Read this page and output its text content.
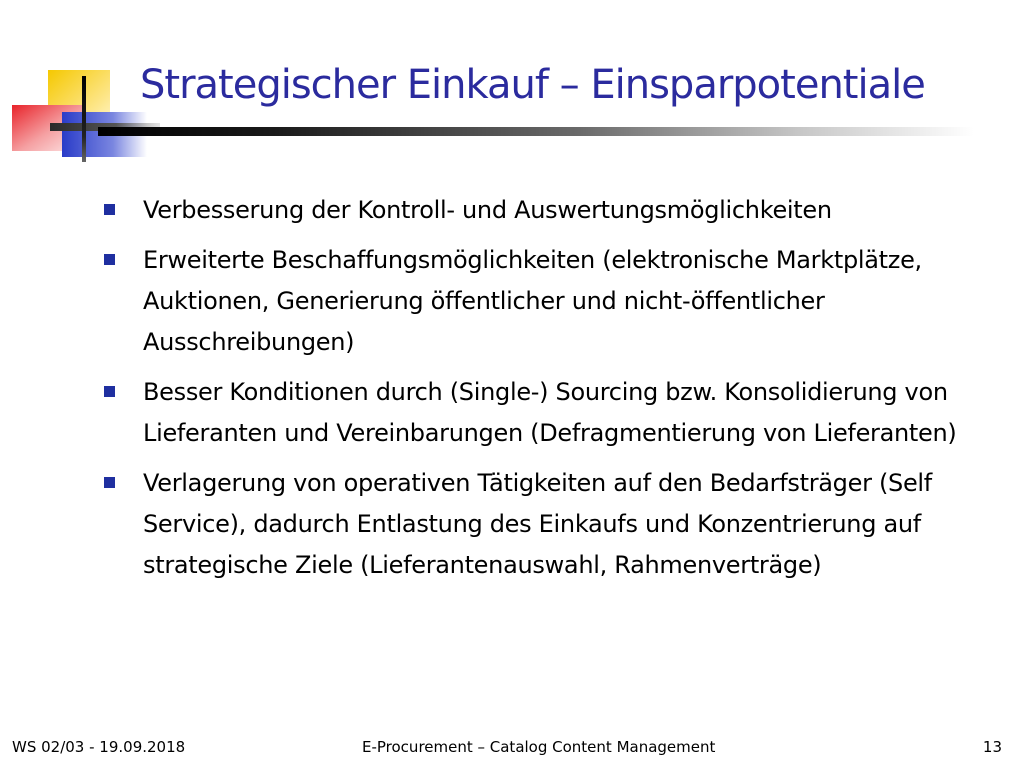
Strategischer Einkauf – Einsparpotentiale
Verbesserung der Kontroll- und Auswertungsmöglichkeiten
Erweiterte Beschaffungsmöglichkeiten (elektronische Marktplätze, Auktionen, Generierung öffentlicher und nicht-öffentlicher Ausschreibungen)
Besser Konditionen durch (Single-) Sourcing bzw. Konsolidierung von Lieferanten und Vereinbarungen (Defragmentierung von Lieferanten)
Verlagerung von operativen Tätigkeiten auf den Bedarfsträger (Self Service), dadurch Entlastung des Einkaufs und Konzentrierung auf strategische Ziele (Lieferantenauswahl, Rahmenverträge)
WS 02/03 - 19.09.2018	E-Procurement – Catalog Content Management	13
